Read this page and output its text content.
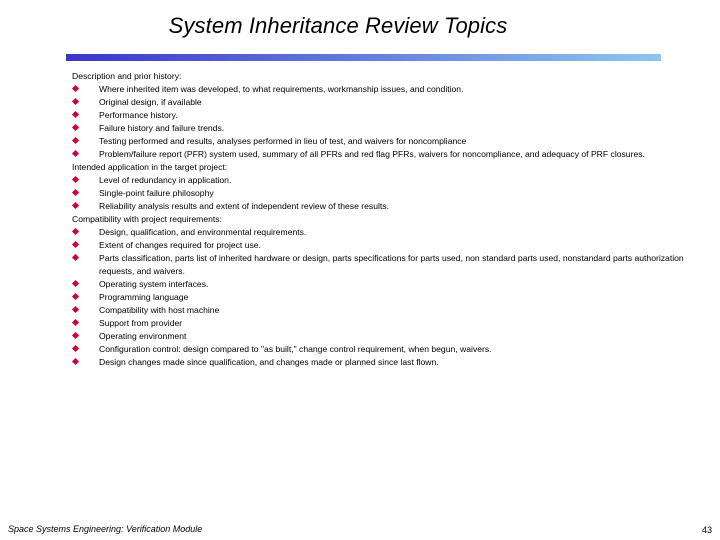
System Inheritance Review Topics
Description and prior history:
Where inherited item was developed, to what requirements, workmanship issues, and condition.
Original design, if available
Performance history.
Failure history and failure trends.
Testing performed and results, analyses performed in lieu of test, and waivers for noncompliance
Problem/failure report (PFR) system used, summary of all PFRs and red flag PFRs, waivers for noncompliance, and adequacy of PRF closures.
Intended application in the target project:
Level of redundancy in application.
Single-point failure philosophy
Reliability analysis results and extent of independent review of these results.
Compatibility with project requirements:
Design, qualification, and environmental requirements.
Extent of changes required for project use.
Parts classification, parts list of inherited hardware or design, parts specifications for parts used, non standard parts used, nonstandard parts authorization requests, and waivers.
Operating system interfaces.
Programming language
Compatibility with host machine
Support from provider
Operating environment
Configuration control: design compared to "as built," change control requirement, when begun, waivers.
Design changes made since qualification, and changes made or planned since last flown.
Space Systems Engineering: Verification Module	43
